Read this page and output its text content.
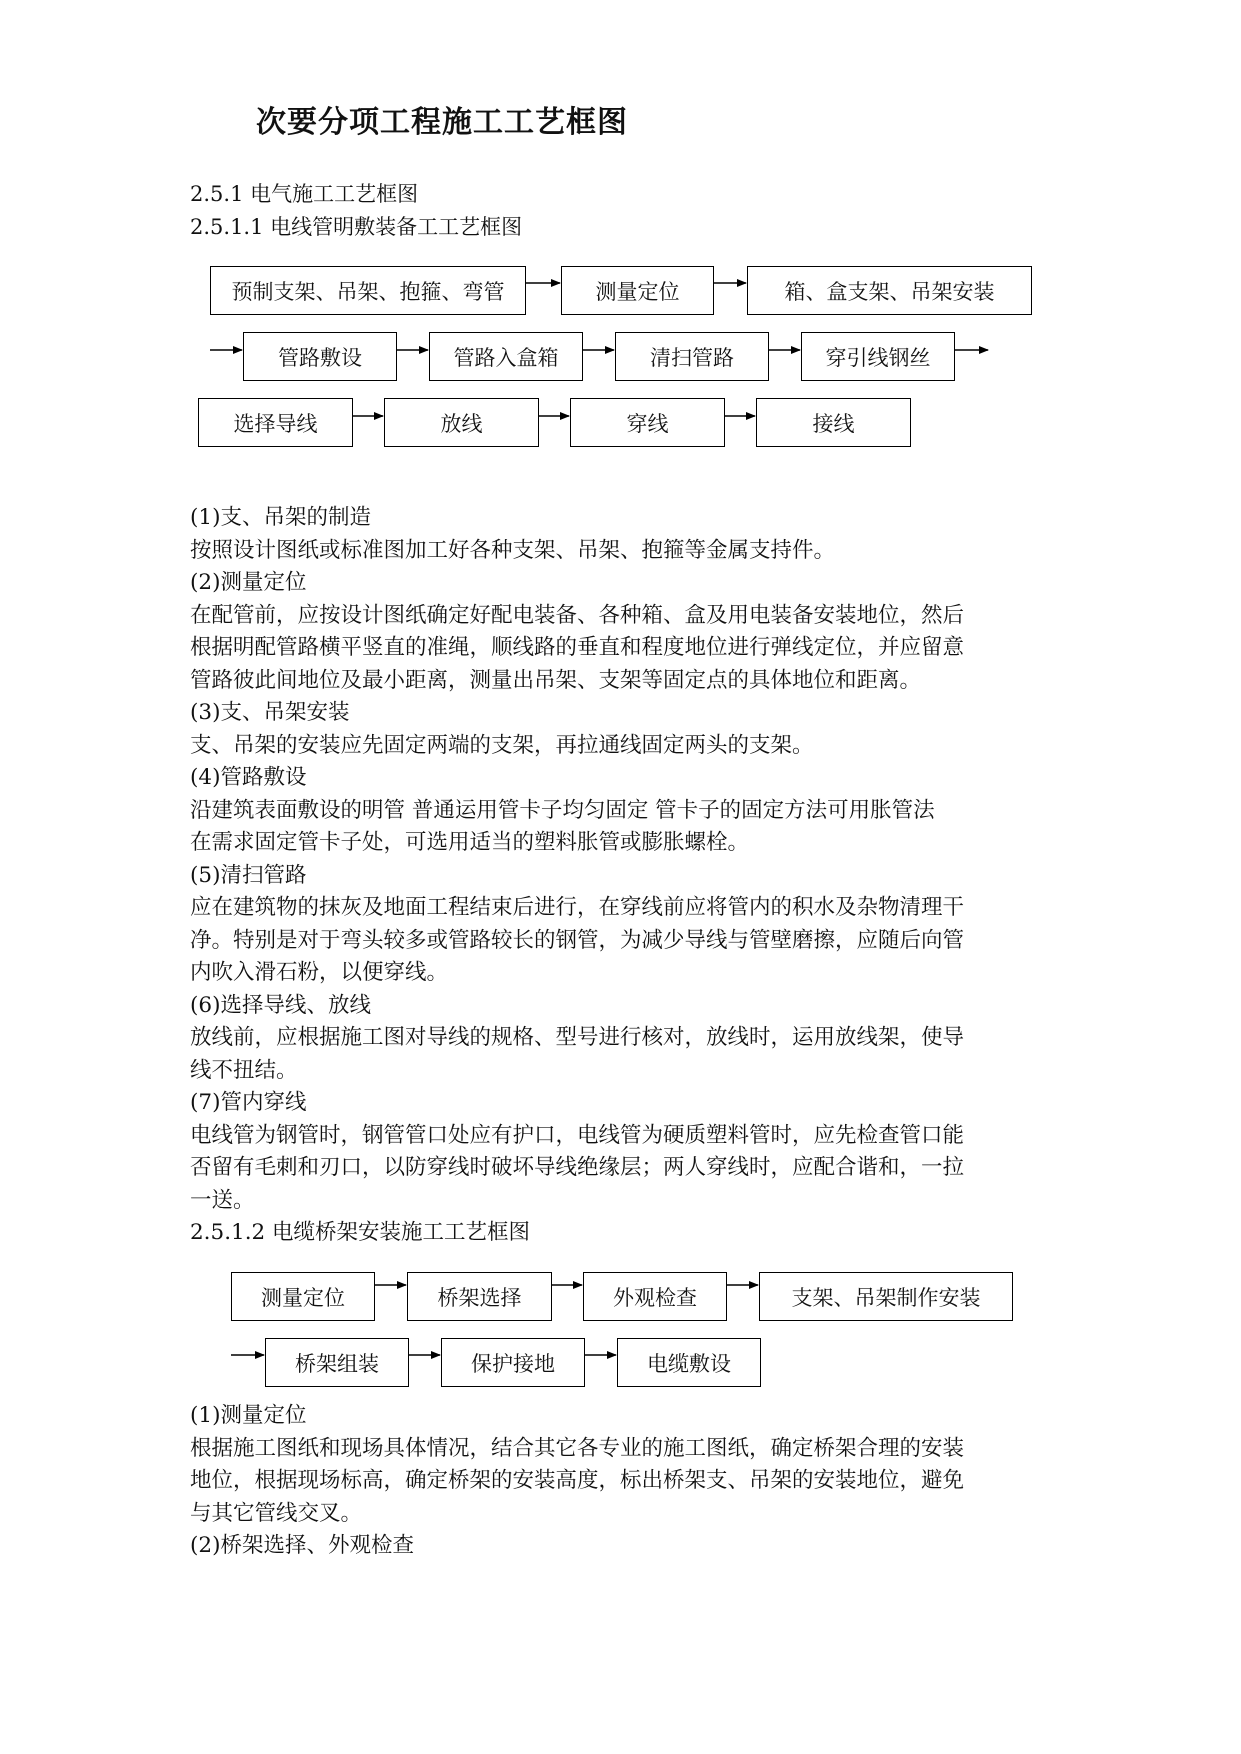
次要分项工程施工工艺框图
2.5.1 电气施工工艺框图
2.5.1.1 电线管明敷装备工工艺框图
预制支架、吊架、抱箍、弯管	测量定位	箱、盒支架、吊架安装
管路敷设	管路入盒箱	清扫管路	穿引线钢丝
选择导线	放线	穿线	接线
测量定位	桥架选择	外观检查	支架、吊架制作安装
桥架组装	保护接地	电缆敷设

(1)支、吊架的制造

按照设计图纸或标准图加工好各种支架、吊架、抱箍等金属支持件。

(2)测量定位

在配管前，应按设计图纸确定好配电装备、各种箱、盒及用电装备安装地位，然后

根据明配管路横平竖直的准绳，顺线路的垂直和程度地位进行弹线定位，并应留意

管路彼此间地位及最小距离，测量出吊架、支架等固定点的具体地位和距离。

(3)支、吊架安装

支、吊架的安装应先固定两端的支架，再拉通线固定两头的支架。

(4)管路敷设

沿建筑表面敷设的明管 普通运用管卡子均匀固定 管卡子的固定方法可用胀管法

在需求固定管卡子处，可选用适当的塑料胀管或膨胀螺栓。

(5)清扫管路

应在建筑物的抹灰及地面工程结束后进行，在穿线前应将管内的积水及杂物清理干

净。特别是对于弯头较多或管路较长的钢管，为减少导线与管壁磨擦，应随后向管

内吹入滑石粉，以便穿线。

(6)选择导线、放线

放线前，应根据施工图对导线的规格、型号进行核对，放线时，运用放线架，使导

线不扭结。

(7)管内穿线

电线管为钢管时，钢管管口处应有护口，电线管为硬质塑料管时，应先检查管口能

否留有毛刺和刃口，以防穿线时破坏导线绝缘层；两人穿线时，应配合谐和，一拉

一送。

2.5.1.2 电缆桥架安装施工工艺框图

(1)测量定位

根据施工图纸和现场具体情况，结合其它各专业的施工图纸，确定桥架合理的安装

地位，根据现场标高，确定桥架的安装高度，标出桥架支、吊架的安装地位，避免

与其它管线交叉。

(2)桥架选择、外观检查
